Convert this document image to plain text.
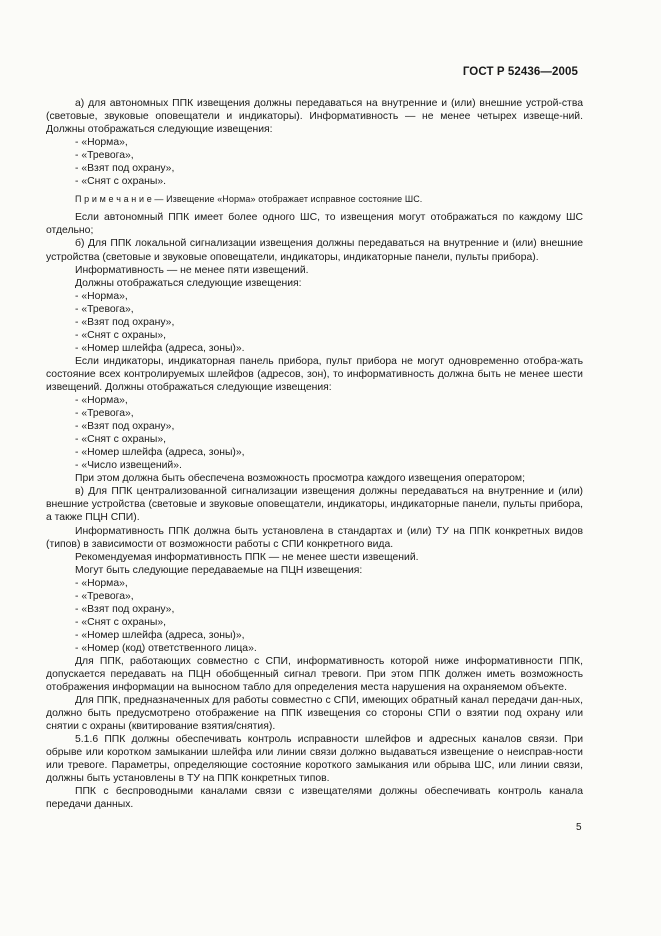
ГОСТ Р 52436—2005
а) для автономных ППК извещения должны передаваться на внутренние и (или) внешние устрой-ства (световые, звуковые оповещатели и индикаторы). Информативность — не менее четырех извеще-ний. Должны отображаться следующие извещения:
- «Норма»,
- «Тревога»,
- «Взят под охрану»,
- «Снят с охраны».
П р и м е ч а н и е — Извещение «Норма» отображает исправное состояние ШС.
Если автономный ППК имеет более одного ШС, то извещения могут отображаться по каждому ШС отдельно;
б) Для ППК локальной сигнализации извещения должны передаваться на внутренние и (или) внешние устройства (световые и звуковые оповещатели, индикаторы, индикаторные панели, пульты прибора).
Информативность — не менее пяти извещений.
Должны отображаться следующие извещения:
- «Норма»,
- «Тревога»,
- «Взят под охрану»,
- «Снят с охраны»,
- «Номер шлейфа (адреса, зоны)».
Если индикаторы, индикаторная панель прибора, пульт прибора не могут одновременно отобра-жать состояние всех контролируемых шлейфов (адресов, зон), то информативность должна быть не менее шести извещений. Должны отображаться следующие извещения:
- «Норма»,
- «Тревога»,
- «Взят под охрану»,
- «Снят с охраны»,
- «Номер шлейфа (адреса, зоны)»,
- «Число извещений».
При этом должна быть обеспечена возможность просмотра каждого извещения оператором;
в) Для ППК централизованной сигнализации извещения должны передаваться на внутренние и (или) внешние устройства (световые и звуковые оповещатели, индикаторы, индикаторные панели, пульты прибора, а также ПЦН СПИ).
Информативность ППК должна быть установлена в стандартах и (или) ТУ на ППК конкретных видов (типов) в зависимости от возможности работы с СПИ конкретного вида.
Рекомендуемая информативность ППК — не менее шести извещений.
Могут быть следующие передаваемые на ПЦН извещения:
- «Норма»,
- «Тревога»,
- «Взят под охрану»,
- «Снят с охраны»,
- «Номер шлейфа (адреса, зоны)»,
- «Номер (код) ответственного лица».
Для ППК, работающих совместно с СПИ, информативность которой ниже информативности ППК, допускается передавать на ПЦН обобщенный сигнал тревоги. При этом ППК должен иметь возможность отображения информации на выносном табло для определения места нарушения на охраняемом объекте.
Для ППК, предназначенных для работы совместно с СПИ, имеющих обратный канал передачи дан-ных, должно быть предусмотрено отображение на ППК извещения со стороны СПИ о взятии под охрану или снятии с охраны (квитирование взятия/снятия).
5.1.6 ППК должны обеспечивать контроль исправности шлейфов и адресных каналов связи. При обрыве или коротком замыкании шлейфа или линии связи должно выдаваться извещение о неисправ-ности или тревоге. Параметры, определяющие состояние короткого замыкания или обрыва ШС, или линии связи, должны быть установлены в ТУ на ППК конкретных типов.
ППК с беспроводными каналами связи с извещателями должны обеспечивать контроль канала передачи данных.
5
